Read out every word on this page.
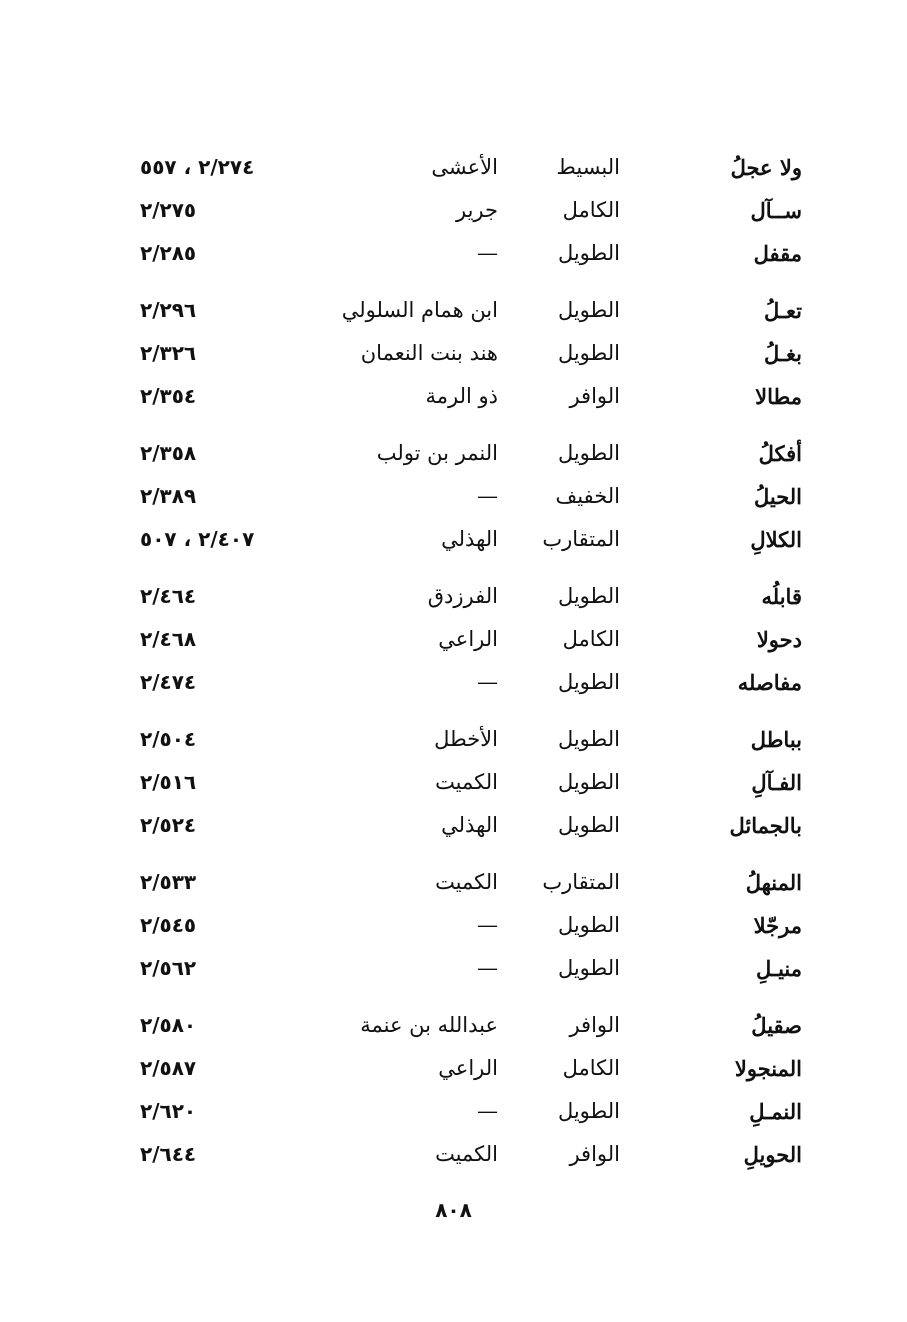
ولا عجلُ
البسيط
الأعشى
٢/٢٧٤ ، ٥٥٧
ســآل
الكامل
جرير
٢/٢٧٥
مقفل
الطويل
—
٢/٢٨٥
تعـلُ
الطويل
ابن همام السلولي
٢/٢٩٦
بغـلُ
الطويل
هند بنت النعمان
٢/٣٢٦
مطالا
الوافر
ذو الرمة
٢/٣٥٤
أفكلُ
الطويل
النمر بن تولب
٢/٣٥٨
الحيلُ
الخفيف
—
٢/٣٨٩
الكلالِ
المتقارب
الهذلي
٢/٤٠٧ ، ٥٠٧
قابلُه
الطويل
الفرزدق
٢/٤٦٤
دحولا
الكامل
الراعي
٢/٤٦٨
مفاصله
الطويل
—
٢/٤٧٤
بباطل
الطويل
الأخطل
٢/٥٠٤
الفـآلِ
الطويل
الكميت
٢/٥١٦
بالجمائل
الطويل
الهذلي
٢/٥٢٤
المنهلُ
المتقارب
الكميت
٢/٥٣٣
مرجّلا
الطويل
—
٢/٥٤٥
منيـلِ
الطويل
—
٢/٥٦٢
صقيلُ
الوافر
عبدالله بن عنمة
٢/٥٨٠
المنجولا
الكامل
الراعي
٢/٥٨٧
النمـلِ
الطويل
—
٢/٦٢٠
الحويلِ
الوافر
الكميت
٢/٦٤٤
٨٠٨
